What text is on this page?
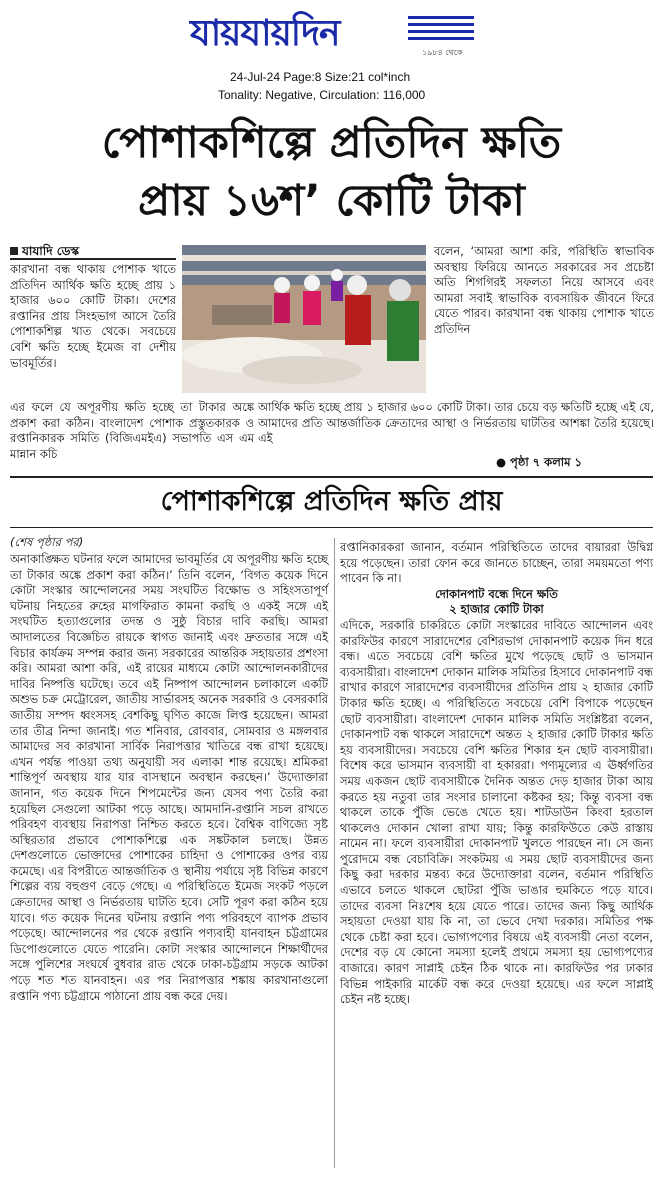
যায়যায়দিন	১৯৮৪ থেকে
24-Jul-24 Page:8 Size:21 col*inch
Tonality: Negative, Circulation: 116,000
পোশাকশিল্পে প্রতিদিন ক্ষতি
প্রায় ১৬শ’ কোটি টাকা
যাযাদি ডেস্ক
কারখানা বন্ধ থাকায় পোশাক খাতে প্রতিদিন আর্থিক ক্ষতি হচ্ছে প্রায় ১ হাজার ৬০০ কোটি টাকা। দেশের রপ্তানির প্রায় সিংহভাগ আসে তৈরি পোশাকশিল্প খাত থেকে। সবচেয়ে বেশি ক্ষতি হচ্ছে ইমেজ বা দেশীয় ভাবমূর্তির।
এর ফলে যে অপূরণীয় ক্ষতি হচ্ছে তা টাকার অঙ্কে প্রকাশ করা কঠিন। বাংলাদেশ পোশাক প্রস্তুতকারক ও রপ্তানিকারক সমিতি (বিজিএমইএ) সভাপতি এস এম মান্নান কচি
বলেন, ‘আমরা আশা করি, পরিস্থিতি স্বাভাবিক অবস্থায় ফিরিয়ে আনতে সরকারের সব প্রচেষ্টা অতি শিগগিরই সফলতা নিয়ে আসবে এবং আমরা সবাই স্বাভাবিক ব্যবসায়িক জীবনে ফিরে যেতে পারব। কারখানা বন্ধ থাকায় পোশাক খাতে প্রতিদিন
আর্থিক ক্ষতি হচ্ছে প্রায় ১ হাজার ৬০০ কোটি টাকা। তার চেয়ে বড় ক্ষতিটি হচ্ছে এই যে, আমাদের প্রতি আন্তর্জাতিক ক্রেতাদের আস্থা ও নির্ভরতায় ঘাটতির আশঙ্কা তৈরি হয়েছে। এই
● পৃষ্ঠা ৭ কলাম ১
পোশাকশিল্পে প্রতিদিন ক্ষতি প্রায়
(শেষ পৃষ্ঠার পর)

অনাকাঙ্ক্ষিত ঘটনার ফলে আমাদের ভাবমূর্তির যে অপূরণীয় ক্ষতি হচ্ছে তা টাকার অঙ্কে প্রকাশ করা কঠিন।’ তিনি বলেন, ‘বিগত কয়েক দিনে কোটা সংস্কার আন্দোলনের সময় সংঘটিত বিক্ষোভ ও সহিংসতাপূর্ণ ঘটনায় নিহতের রুহের মাগফিরাত কামনা করছি ও একই সঙ্গে এই সংঘটিত হত্যাগুলোর তদন্ত ও সুষ্ঠু বিচার দাবি করছি। আমরা আদালতের বিজ্ঞেচিত রায়কে স্বাগত জানাই এবং দ্রুততার সঙ্গে এই বিচার কার্যক্রম সম্পন্ন করার জন্য সরকারের আন্তরিক সহায়তার প্রশংসা করি। আমরা আশা করি, এই রায়ের মাধ্যমে কোটা আন্দোলনকারীদের দাবির নিষ্পত্তি ঘটেছে। তবে এই নিষ্পাপ আন্দোলন চলাকালে একটি অশুভ চক্র মেট্রোরেল, জাতীয় সার্ভারসহ অনেক সরকারি ও বেসরকারি জাতীয় সম্পদ ধ্বংসসহ বেশকিছু ঘৃণিত কাজে লিপ্ত হয়েছেন। আমরা তার তীব্র নিন্দা জানাই। গত শনিবার, রোববার, সোমবার ও মঙ্গলবার আমাদের সব কারখানা সার্বিক নিরাপত্তার খাতিরে বন্ধ রাখা হয়েছে। এখন পর্যন্ত পাওয়া তথ্য অনুযায়ী সব এলাকা শান্ত রয়েছে। শ্রমিকরা শান্তিপূর্ণ অবস্থায় যার যার বাসস্থানে অবস্থান করছেন।’ উদ্যোক্তারা জানান, গত কয়েক দিনে শিপমেন্টের জন্য যেসব পণ্য তৈরি করা হয়েছিল সেগুলো আটকা পড়ে আছে। আমদানি-রপ্তানি সচল রাখতে পরিবহণ ব্যবস্থায় নিরাপত্তা নিশ্চিত করতে হবে। বৈশ্বিক বাণিজ্যে সৃষ্ট অস্থিরতার প্রভাবে পোশাকশিল্পে এক সঙ্কটকাল চলছে। উন্নত দেশগুলোতে ভোক্তাদের পোশাকের চাহিদা ও পোশাকের ওপর ব্যয় কমেছে। এর বিপরীতে আন্তর্জাতিক ও স্থানীয় পর্যায়ে সৃষ্ট বিভিন্ন কারণে শিল্পের ব্যয় বহুগুণ বেড়ে গেছে। এ পরিস্থিতিতে ইমেজ সংকট পড়লে ক্রেতাদের আস্থা ও নির্ভরতায় ঘাটতি হবে। সেটি পূরণ করা কঠিন হয়ে যাবে। গত কয়েক দিনের ঘটনায় রপ্তানি পণ্য পরিবহণে ব্যাপক প্রভাব পড়েছে। আন্দোলনের পর থেকে রপ্তানি পণ্যবাহী যানবাহন চট্টগ্রামের ডিপোগুলোতে যেতে পারেনি। কোটা সংস্কার আন্দোলনে শিক্ষার্থীদের সঙ্গে পুলিশের সংঘর্ষে বুধবার রাত থেকে ঢাকা-চট্টগ্রাম সড়কে আটকা পড়ে শত শত যানবাহন। এর পর নিরাপত্তার শঙ্কায় কারখানাগুলো রপ্তানি পণ্য চট্টগ্রামে পাঠানো প্রায় বন্ধ করে দেয়।

রপ্তানিকারকরা জানান, বর্তমান পরিস্থিতিতে তাদের বায়াররা উদ্বিগ্ন হয়ে পড়েছেন। তারা ফোন করে জানতে চাচ্ছেন, তারা সময়মতো পণ্য পাবেন কি না।

দোকানপাট বন্ধে দিনে ক্ষতি

২ হাজার কোটি টাকা

এদিকে, সরকারি চাকরিতে কোটা সংস্কারের দাবিতে আন্দোলন এবং কারফিউর কারণে সারাদেশের বেশিরভাগ দোকানপাট কয়েক দিন ধরে বন্ধ। এতে সবচেয়ে বেশি ক্ষতির মুখে পড়েছে ছোট ও ভাসমান ব্যবসায়ীরা। বাংলাদেশ দোকান মালিক সমিতির হিসাবে দোকানপাট বন্ধ রাখার কারণে সারাদেশের ব্যবসায়ীদের প্রতিদিন প্রায় ২ হাজার কোটি টাকার ক্ষতি হচ্ছে। এ পরিস্থিতিতে সবচেয়ে বেশি বিপাকে পড়েছেন ছোট ব্যবসায়ীরা। বাংলাদেশ দোকান মালিক সমিতি সংশ্লিষ্টরা বলেন, দোকানপাট বন্ধ থাকলে সারাদেশে অন্তত ২ হাজার কোটি টাকার ক্ষতি হয় ব্যবসায়ীদের। সবচেয়ে বেশি ক্ষতির শিকার হন ছোট ব্যবসায়ীরা। বিশেষ করে ভাসমান ব্যবসায়ী বা হকাররা। পণ্যমূল্যের এ ঊর্ধ্বগতির সময় একজন ছোট ব্যবসায়ীকে দৈনিক অন্তত দেড় হাজার টাকা আয় করতে হয় নতুবা তার সংসার চালানো কষ্টকর হয়; কিন্তু ব্যবসা বন্ধ থাকলে তাকে পুঁজি ভেঙে খেতে হয়। শাটডাউন কিংবা হরতাল থাকলেও দোকান খোলা রাখা যায়; কিন্তু কারফিউতে কেউ রাস্তায় নামেন না। ফলে ব্যবসায়ীরা দোকানপাট খুলতে পারছেন না। সে জন্য পুরোদমে বন্ধ বেচাবিক্রি। সংকটময় এ সময় ছোট ব্যবসায়ীদের জন্য কিছু করা দরকার মন্তব্য করে উদ্যোক্তারা বলেন, বর্তমান পরিস্থিতি এভাবে চলতে থাকলে ছোটরা পুঁজি ভাঙার হুমকিতে পড়ে যাবে। তাদের ব্যবসা নিঃশেষ হয়ে যেতে পারে। তাদের জন্য কিছু আর্থিক সহায়তা দেওয়া যায় কি না, তা ভেবে দেখা দরকার। সমিতির পক্ষ থেকে চেষ্টা করা হবে। ভোগ্যপণ্যের বিষয়ে এই ব্যবসায়ী নেতা বলেন, দেশের বড় যে কোনো সমস্যা হলেই প্রথমে সমস্যা হয় ভোগ্যপণ্যের বাজারে। কারণ সাপ্লাই চেইন ঠিক থাকে না। কারফিউর পর ঢাকার বিভিন্ন পাইকারি মার্কেট বন্ধ করে দেওয়া হয়েছে। এর ফলে সাপ্লাই চেইন নষ্ট হচ্ছে।
